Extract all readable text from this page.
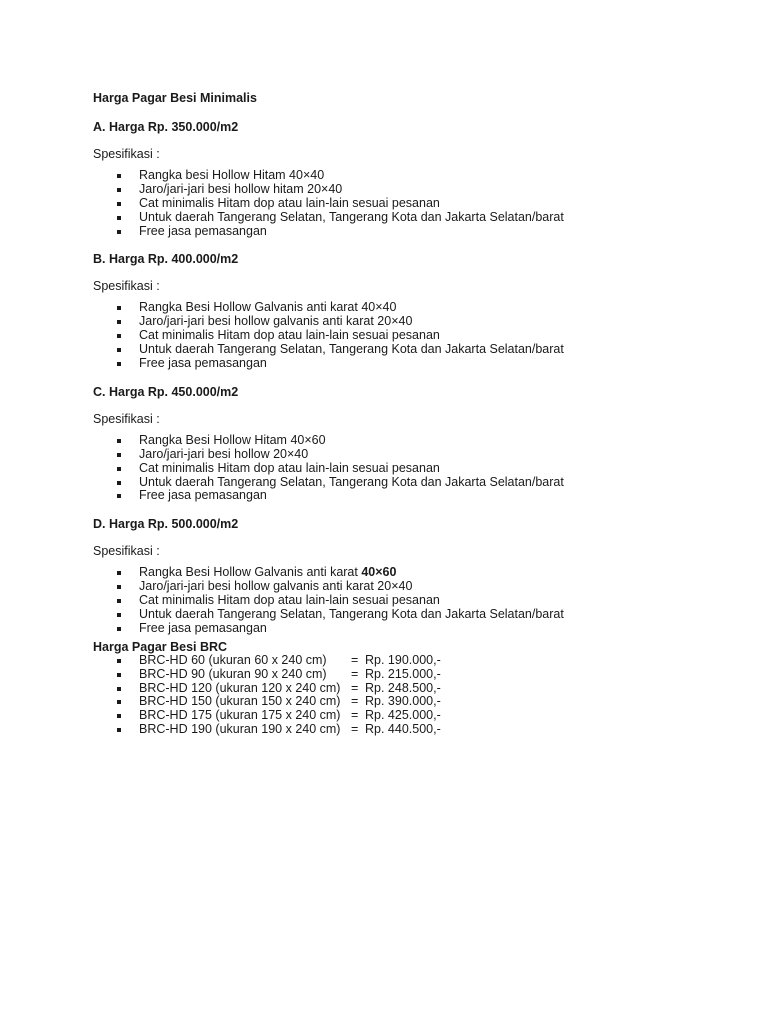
Harga Pagar Besi Minimalis

A. Harga Rp. 350.000/m2

Spesifikasi :

Rangka besi Hollow Hitam 40×40
Jaro/jari-jari besi hollow hitam 20×40
Cat minimalis Hitam dop atau lain-lain sesuai pesanan
Untuk daerah Tangerang Selatan, Tangerang Kota dan Jakarta Selatan/barat
Free jasa pemasangan

B. Harga Rp. 400.000/m2

Spesifikasi :

Rangka Besi Hollow Galvanis anti karat 40×40
Jaro/jari-jari besi hollow galvanis anti karat 20×40
Cat minimalis Hitam dop atau lain-lain sesuai pesanan
Untuk daerah Tangerang Selatan, Tangerang Kota dan Jakarta Selatan/barat
Free jasa pemasangan

C. Harga Rp. 450.000/m2

Spesifikasi :

Rangka Besi Hollow Hitam 40×60
Jaro/jari-jari besi hollow 20×40
Cat minimalis Hitam dop atau lain-lain sesuai pesanan
Untuk daerah Tangerang Selatan, Tangerang Kota dan Jakarta Selatan/barat
Free jasa pemasangan

D. Harga Rp. 500.000/m2

Spesifikasi :

Rangka Besi Hollow Galvanis anti karat 40×60
Jaro/jari-jari besi hollow galvanis anti karat 20×40
Cat minimalis Hitam dop atau lain-lain sesuai pesanan
Untuk daerah Tangerang Selatan, Tangerang Kota dan Jakarta Selatan/barat
Free jasa pemasangan

Harga Pagar Besi BRC

BRC-HD 60 (ukuran 60 x 240 cm) = Rp. 190.000,-
BRC-HD 90 (ukuran 90 x 240 cm) = Rp. 215.000,-
BRC-HD 120 (ukuran 120 x 240 cm) = Rp. 248.500,-
BRC-HD 150 (ukuran 150 x 240 cm) = Rp. 390.000,-
BRC-HD 175 (ukuran 175 x 240 cm) = Rp. 425.000,-
BRC-HD 190 (ukuran 190 x 240 cm) = Rp. 440.500,-
